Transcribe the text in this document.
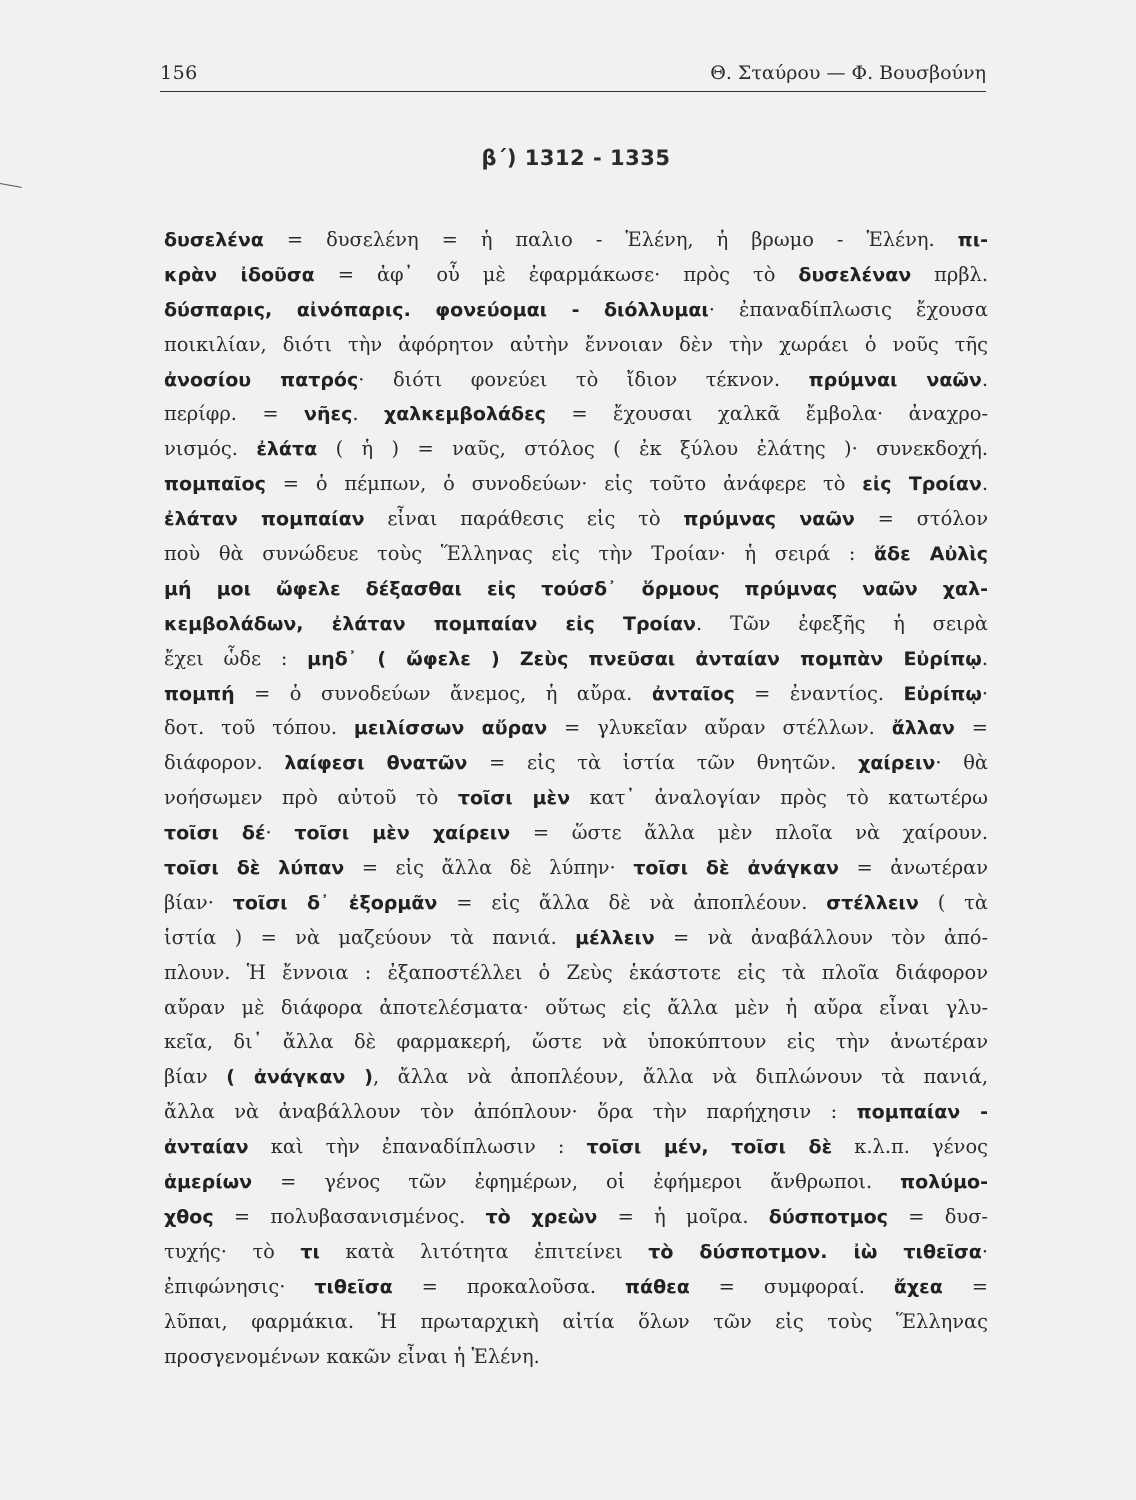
156	Θ. Σταύρου — Φ. Βουσβούνη
β΄) 1312 - 1335
δυσελένα = δυσελένη = ἡ παλιο - Ἑλένη, ἡ βρωμο - Ἑλένη. πι-
κρὰν ἰδοῦσα = ἀφ᾽ οὗ μὲ ἐφαρμάκωσε· πρὸς τὸ δυσελέναν πρβλ.
δύσπαρις, αἰνόπαρις. φονεύομαι - διόλλυμαι· ἐπαναδίπλωσις ἔχουσα
ποικιλίαν, διότι τὴν ἀφόρητον αὐτὴν ἔννοιαν δὲν τὴν χωράει ὁ νοῦς τῆς
ἀνοσίου πατρός· διότι φονεύει τὸ ἴδιον τέκνον. πρύμναι ναῶν.
περίφρ. = νῆες. χαλκεμβολάδες = ἔχουσαι χαλκᾶ ἔμβολα· ἀναχρο-
νισμός. ἐλάτα ( ἡ ) = ναῦς, στόλος ( ἐκ ξύλου ἐλάτης )· συνεκδοχή.
πομπαῖος = ὁ πέμπων, ὁ συνοδεύων· εἰς τοῦτο ἀνάφερε τὸ εἰς Τροίαν.
ἐλάταν πομπαίαν εἶναι παράθεσις εἰς τὸ πρύμνας ναῶν = στόλον
ποὺ θὰ συνώδευε τοὺς Ἕλληνας εἰς τὴν Τροίαν· ἡ σειρά : ἅδε Αὐλὶς
μή μοι ὤφελε δέξασθαι εἰς τούσδ᾽ ὅρμους πρύμνας ναῶν χαλ-
κεμβολάδων, ἐλάταν πομπαίαν εἰς Τροίαν. Τῶν ἐφεξῆς ἡ σειρὰ
ἔχει ὧδε : μηδ᾽ ( ὤφελε ) Ζεὺς πνεῦσαι ἀνταίαν πομπὰν Εὐρίπῳ.
πομπή = ὁ συνοδεύων ἄνεμος, ἡ αὔρα. ἀνταῖος = ἐναντίος. Εὐρίπῳ·
δοτ. τοῦ τόπου. μειλίσσων αὔραν = γλυκεῖαν αὔραν στέλλων. ἄλλαν =
διάφορον. λαίφεσι θνατῶν = εἰς τὰ ἱστία τῶν θνητῶν. χαίρειν· θὰ
νοήσωμεν πρὸ αὐτοῦ τὸ τοῖσι μὲν κατ᾽ ἀναλογίαν πρὸς τὸ κατωτέρω
τοῖσι δέ· τοῖσι μὲν χαίρειν = ὥστε ἄλλα μὲν πλοῖα νὰ χαίρουν.
τοῖσι δὲ λύπαν = εἰς ἄλλα δὲ λύπην· τοῖσι δὲ ἀνάγκαν = ἀνωτέραν
βίαν· τοῖσι δ᾽ ἐξορμᾶν = εἰς ἄλλα δὲ νὰ ἀποπλέουν. στέλλειν ( τὰ
ἱστία ) = νὰ μαζεύουν τὰ πανιά. μέλλειν = νὰ ἀναβάλλουν τὸν ἀπό-
πλουν. Ἡ ἔννοια : ἐξαποστέλλει ὁ Ζεὺς ἑκάστοτε εἰς τὰ πλοῖα διάφορον
αὔραν μὲ διάφορα ἀποτελέσματα· οὕτως εἰς ἄλλα μὲν ἡ αὔρα εἶναι γλυ-
κεῖα, δι᾽ ἄλλα δὲ φαρμακερή, ὥστε νὰ ὑποκύπτουν εἰς τὴν ἀνωτέραν
βίαν ( ἀνάγκαν ), ἄλλα νὰ ἀποπλέουν, ἄλλα νὰ διπλώνουν τὰ πανιά,
ἄλλα νὰ ἀναβάλλουν τὸν ἀπόπλουν· ὅρα τὴν παρήχησιν : πομπαίαν -
ἀνταίαν καὶ τὴν ἐπαναδίπλωσιν : τοῖσι μέν, τοῖσι δὲ κ.λ.π. γένος
ἁμερίων = γένος τῶν ἐφημέρων, οἱ ἐφήμεροι ἄνθρωποι. πολύμο-
χθος = πολυβασανισμένος. τὸ χρεὼν = ἡ μοῖρα. δύσποτμος = δυσ-
τυχής· τὸ τι κατὰ λιτότητα ἐπιτείνει τὸ δύσποτμον. ἰὼ τιθεῖσα·
ἐπιφώνησις· τιθεῖσα = προκαλοῦσα. πάθεα = συμφοραί. ἄχεα =
λῦπαι, φαρμάκια. Ἡ πρωταρχικὴ αἰτία ὅλων τῶν εἰς τοὺς Ἕλληνας
προσγενομένων κακῶν εἶναι ἡ Ἑλένη.
